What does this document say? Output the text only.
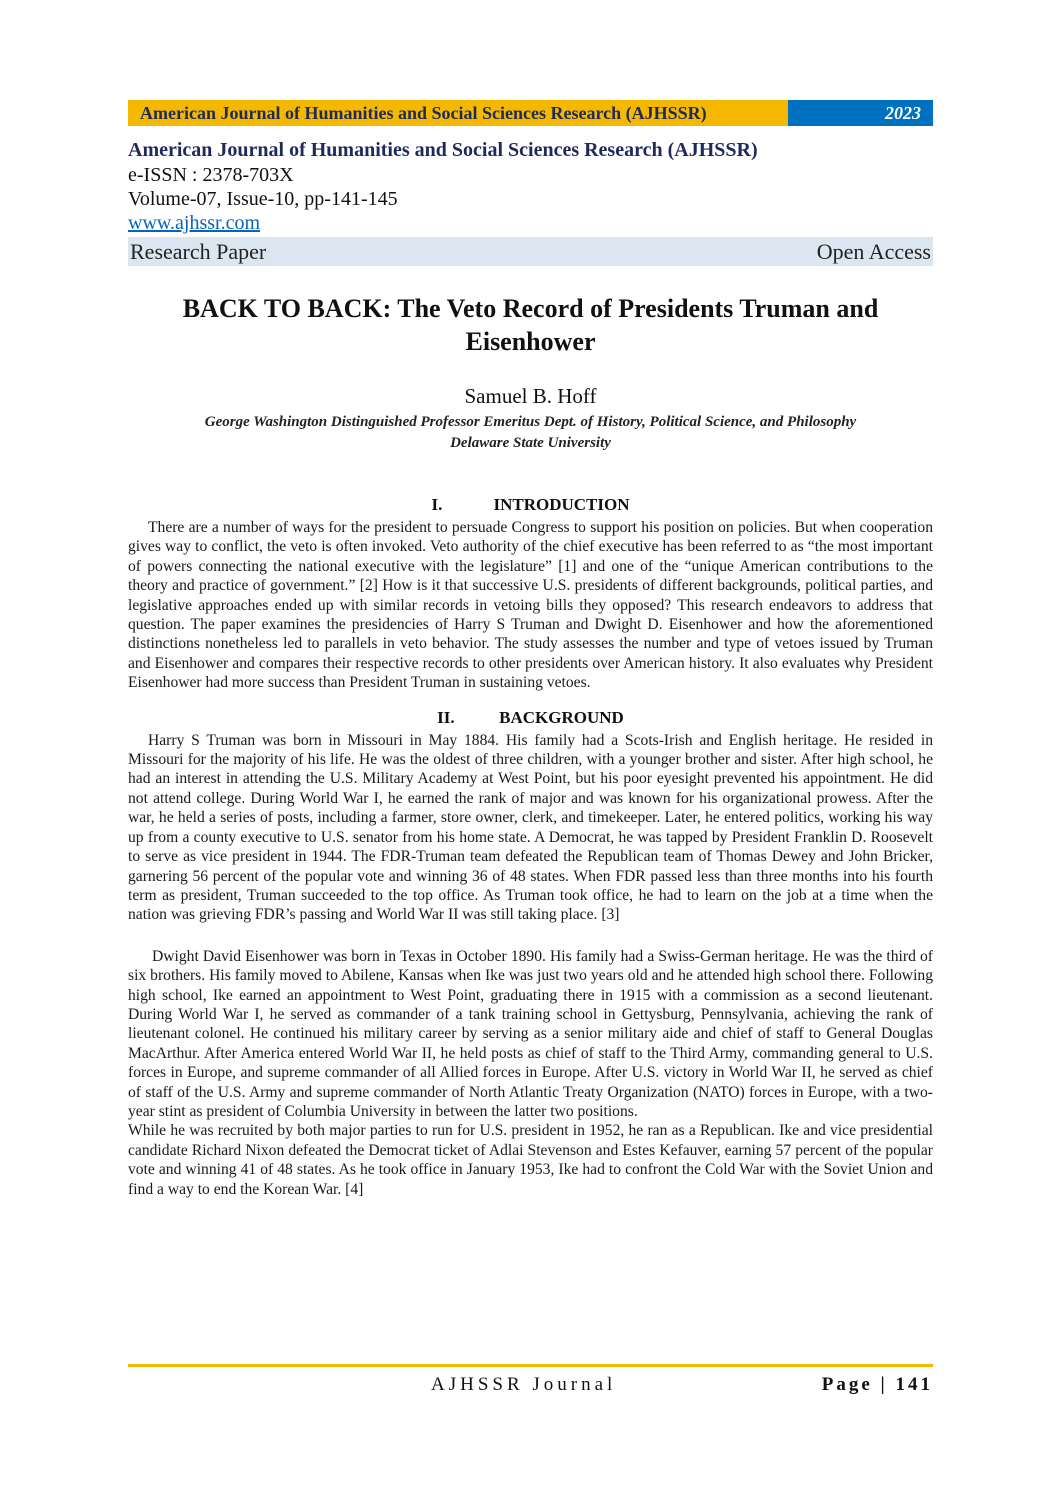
American Journal of Humanities and Social Sciences Research (AJHSSR)	2023
American Journal of Humanities and Social Sciences Research (AJHSSR)
e-ISSN : 2378-703X
Volume-07, Issue-10, pp-141-145
www.ajhssr.com
Research Paper	Open Access
BACK TO BACK: The Veto Record of Presidents Truman and Eisenhower
Samuel B. Hoff
George Washington Distinguished Professor Emeritus Dept. of History, Political Science, and Philosophy
Delaware State University
I.	INTRODUCTION

There are a number of ways for the president to persuade Congress to support his position on policies. But when cooperation gives way to conflict, the veto is often invoked. Veto authority of the chief executive has been referred to as “the most important of powers connecting the national executive with the legislature” [1] and one of the “unique American contributions to the theory and practice of government.” [2] How is it that successive U.S. presidents of different backgrounds, political parties, and legislative approaches ended up with similar records in vetoing bills they opposed? This research endeavors to address that question. The paper examines the presidencies of Harry S Truman and Dwight D. Eisenhower and how the aforementioned distinctions nonetheless led to parallels in veto behavior. The study assesses the number and type of vetoes issued by Truman and Eisenhower and compares their respective records to other presidents over American history. It also evaluates why President Eisenhower had more success than President Truman in sustaining vetoes.

II.	BACKGROUND

Harry S Truman was born in Missouri in May 1884. His family had a Scots-Irish and English heritage. He resided in Missouri for the majority of his life. He was the oldest of three children, with a younger brother and sister. After high school, he had an interest in attending the U.S. Military Academy at West Point, but his poor eyesight prevented his appointment. He did not attend college. During World War I, he earned the rank of major and was known for his organizational prowess. After the war, he held a series of posts, including a farmer, store owner, clerk, and timekeeper. Later, he entered politics, working his way up from a county executive to U.S. senator from his home state. A Democrat, he was tapped by President Franklin D. Roosevelt to serve as vice president in 1944. The FDR-Truman team defeated the Republican team of Thomas Dewey and John Bricker, garnering 56 percent of the popular vote and winning 36 of 48 states. When FDR passed less than three months into his fourth term as president, Truman succeeded to the top office. As Truman took office, he had to learn on the job at a time when the nation was grieving FDR’s passing and World War II was still taking place. [3]

Dwight David Eisenhower was born in Texas in October 1890. His family had a Swiss-German heritage. He was the third of six brothers. His family moved to Abilene, Kansas when Ike was just two years old and he attended high school there. Following high school, Ike earned an appointment to West Point, graduating there in 1915 with a commission as a second lieutenant. During World War I, he served as commander of a tank training school in Gettysburg, Pennsylvania, achieving the rank of lieutenant colonel. He continued his military career by serving as a senior military aide and chief of staff to General Douglas MacArthur. After America entered World War II, he held posts as chief of staff to the Third Army, commanding general to U.S. forces in Europe, and supreme commander of all Allied forces in Europe. After U.S. victory in World War II, he served as chief of staff of the U.S. Army and supreme commander of North Atlantic Treaty Organization (NATO) forces in Europe, with a two-year stint as president of Columbia University in between the latter two positions.

While he was recruited by both major parties to run for U.S. president in 1952, he ran as a Republican. Ike and vice presidential candidate Richard Nixon defeated the Democrat ticket of Adlai Stevenson and Estes Kefauver, earning 57 percent of the popular vote and winning 41 of 48 states. As he took office in January 1953, Ike had to confront the Cold War with the Soviet Union and find a way to end the Korean War. [4]

AJHSSR Journal	Page | 141
